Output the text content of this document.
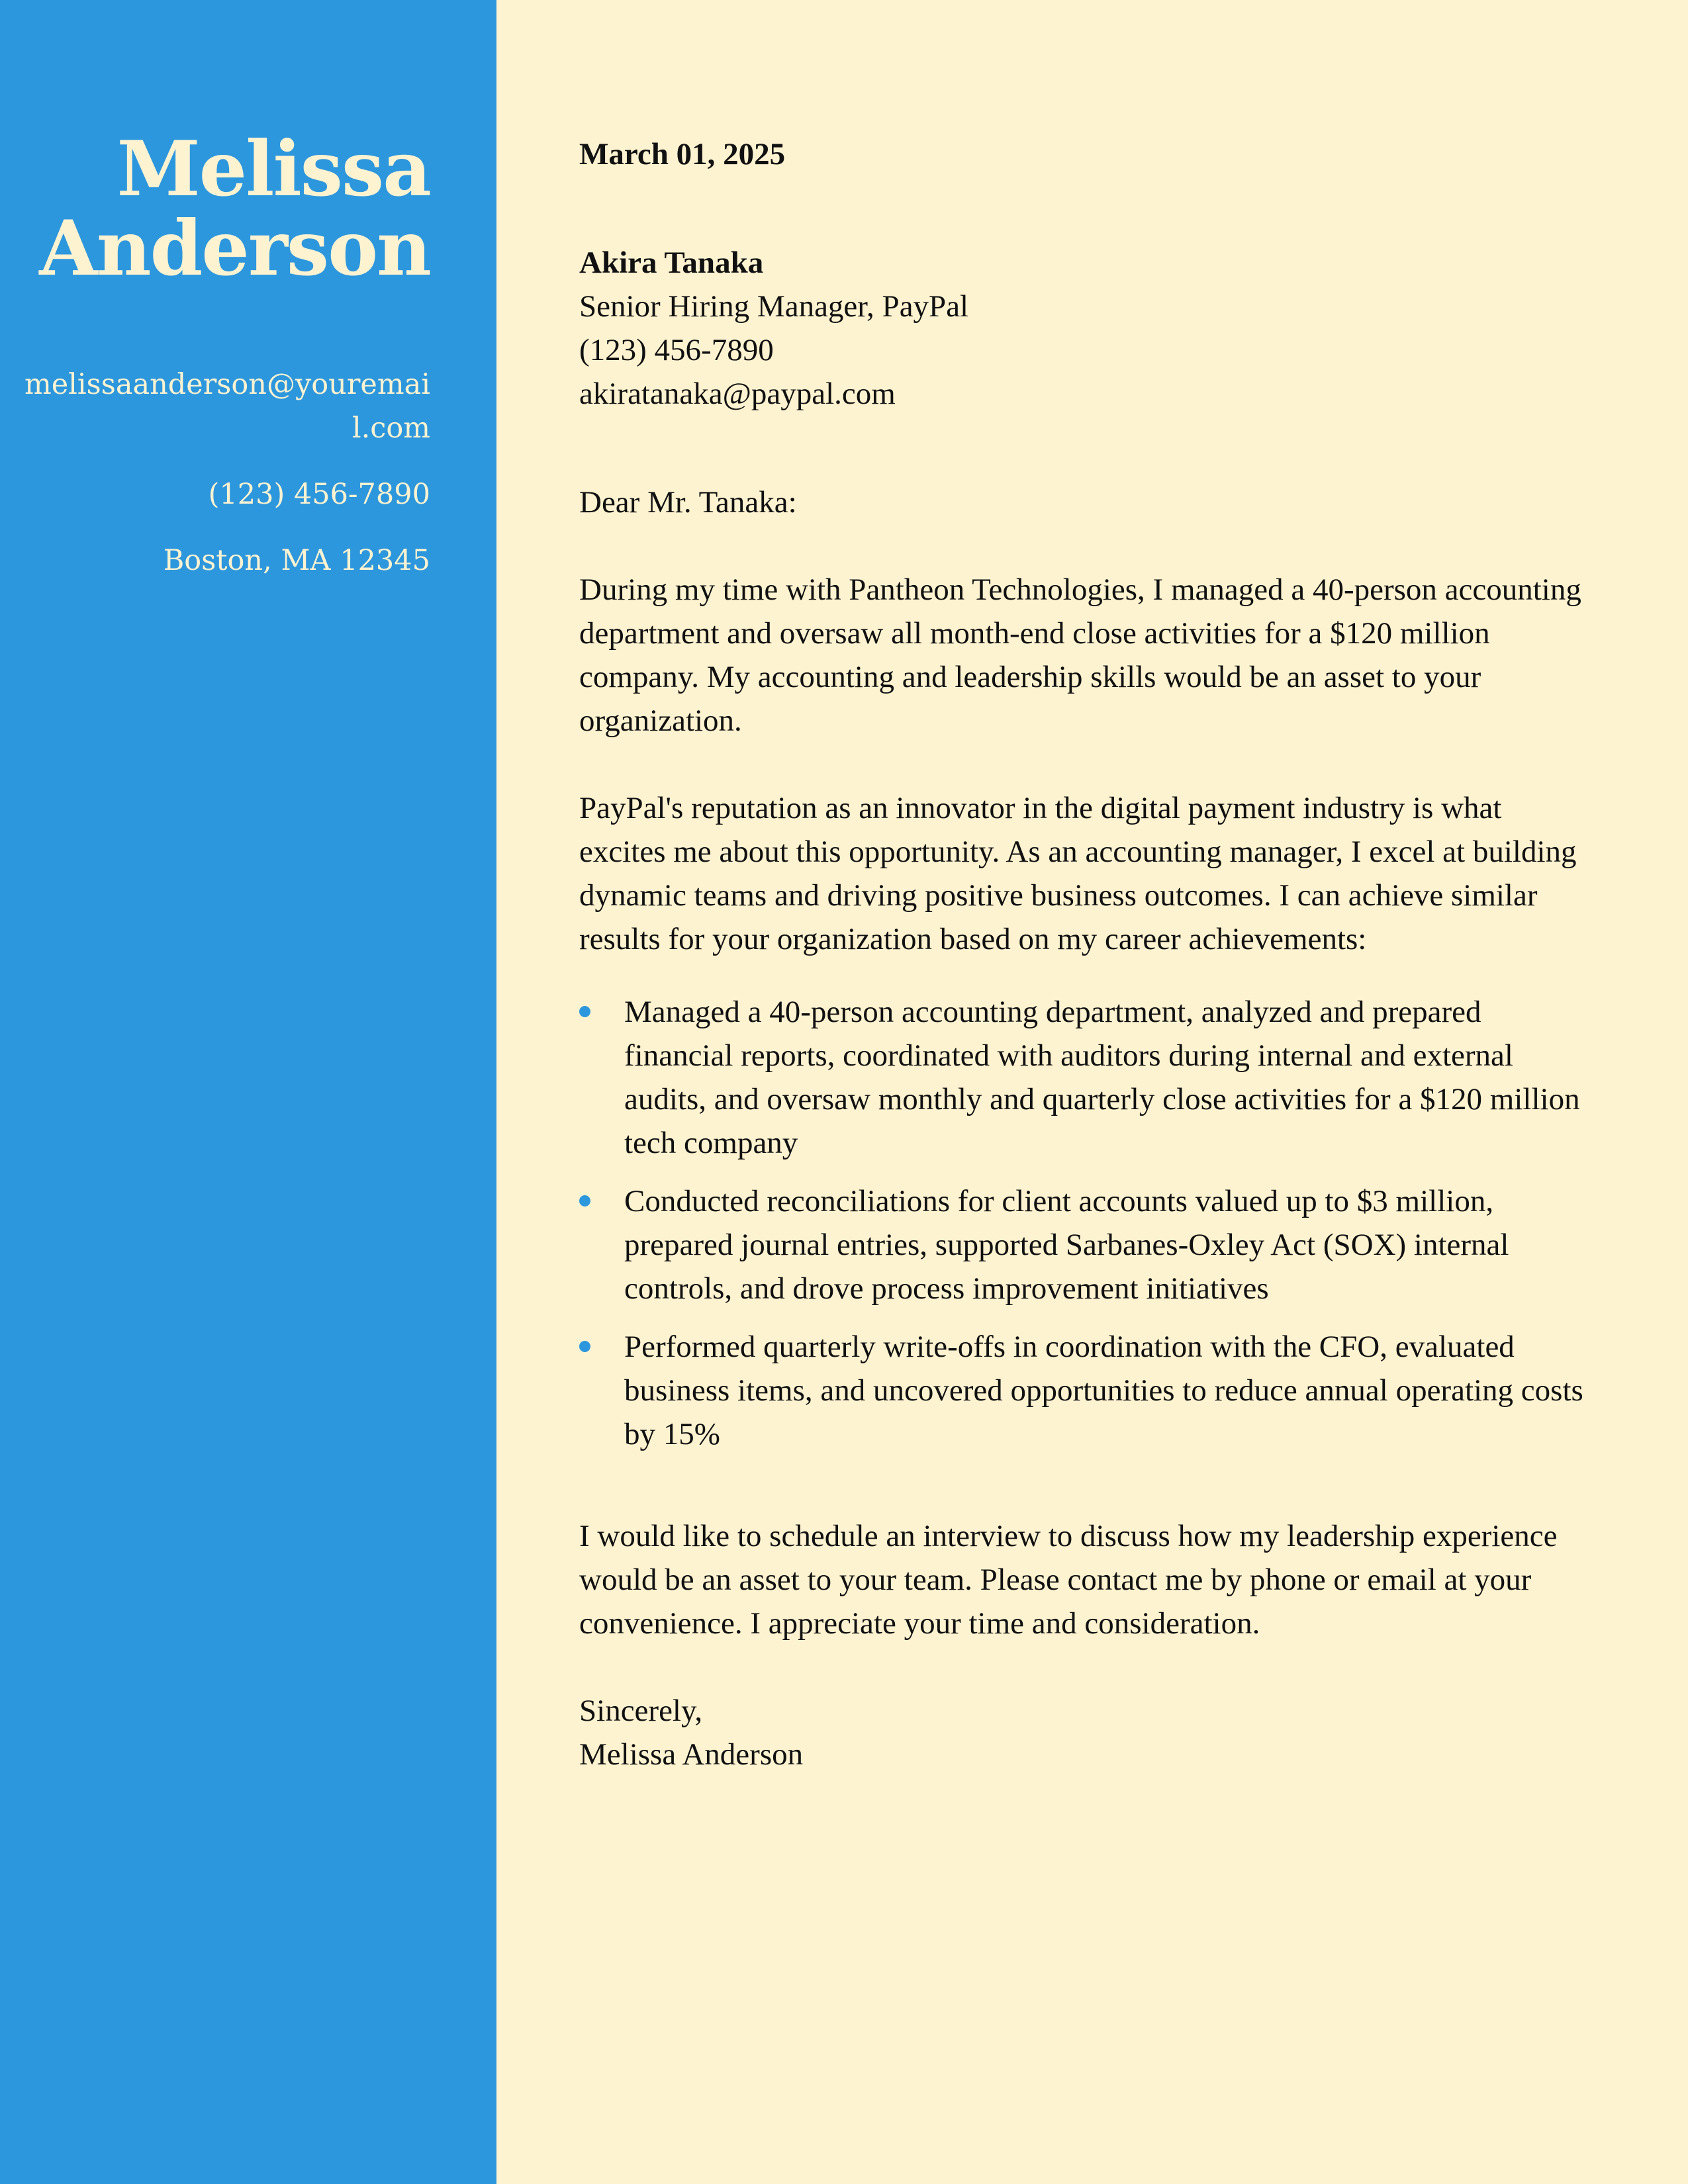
Melissa
Anderson
melissaanderson@youremail.com
(123) 456-7890
Boston, MA 12345
March 01, 2025
Akira Tanaka
Senior Hiring Manager, PayPal
(123) 456-7890
akiratanaka@paypal.com
Dear Mr. Tanaka:

During my time with Pantheon Technologies, I managed a 40-person accounting department and oversaw all month-end close activities for a $120 million company. My accounting and leadership skills would be an asset to your organization.

PayPal's reputation as an innovator in the digital payment industry is what excites me about this opportunity. As an accounting manager, I excel at building dynamic teams and driving positive business outcomes. I can achieve similar results for your organization based on my career achievements:

Managed a 40-person accounting department, analyzed and prepared financial reports, coordinated with auditors during internal and external audits, and oversaw monthly and quarterly close activities for a $120 million tech company
Conducted reconciliations for client accounts valued up to $3 million, prepared journal entries, supported Sarbanes-Oxley Act (SOX) internal controls, and drove process improvement initiatives
Performed quarterly write-offs in coordination with the CFO, evaluated business items, and uncovered opportunities to reduce annual operating costs by 15%

I would like to schedule an interview to discuss how my leadership experience would be an asset to your team. Please contact me by phone or email at your convenience. I appreciate your time and consideration.

Sincerely,
Melissa Anderson
